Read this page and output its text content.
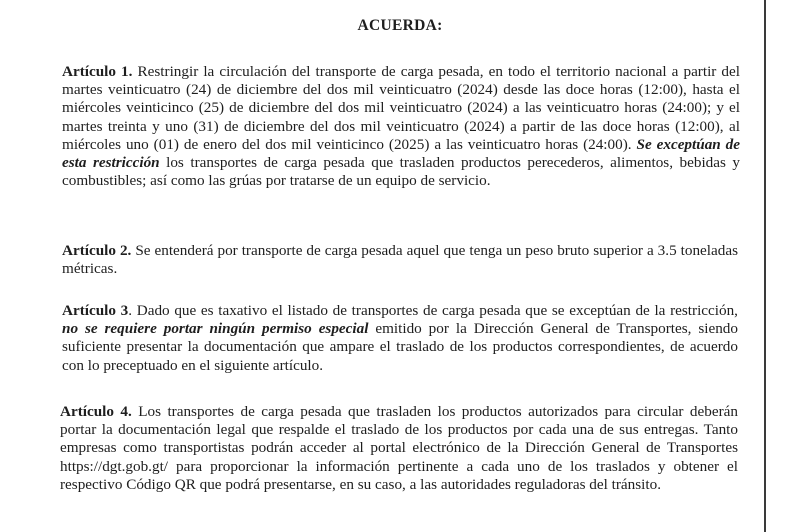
ACUERDA:

Artículo 1. Restringir la circulación del transporte de carga pesada, en todo el territorio nacional a partir del martes veinticuatro (24) de diciembre del dos mil veinticuatro (2024) desde las doce horas (12:00), hasta el miércoles veinticinco (25) de diciembre del dos mil veinticuatro (2024) a las veinticuatro horas (24:00); y el martes treinta y uno (31) de diciembre del dos mil veinticuatro (2024) a partir de las doce horas (12:00), al miércoles uno (01) de enero del dos mil veinticinco (2025) a las veinticuatro horas (24:00). Se exceptúan de esta restricción los transportes de carga pesada que trasladen productos perecederos, alimentos, bebidas y combustibles; así como las grúas por tratarse de un equipo de servicio.

Artículo 2. Se entenderá por transporte de carga pesada aquel que tenga un peso bruto superior a 3.5 toneladas métricas.

Artículo 3. Dado que es taxativo el listado de transportes de carga pesada que se exceptúan de la restricción, no se requiere portar ningún permiso especial emitido por la Dirección General de Transportes, siendo suficiente presentar la documentación que ampare el traslado de los productos correspondientes, de acuerdo con lo preceptuado en el siguiente artículo.

Artículo 4. Los transportes de carga pesada que trasladen los productos autorizados para circular deberán portar la documentación legal que respalde el traslado de los productos por cada una de sus entregas. Tanto empresas como transportistas podrán acceder al portal electrónico de la Dirección General de Transportes https://dgt.gob.gt/ para proporcionar la información pertinente a cada uno de los traslados y obtener el respectivo Código QR que podrá presentarse, en su caso, a las autoridades reguladoras del tránsito.
